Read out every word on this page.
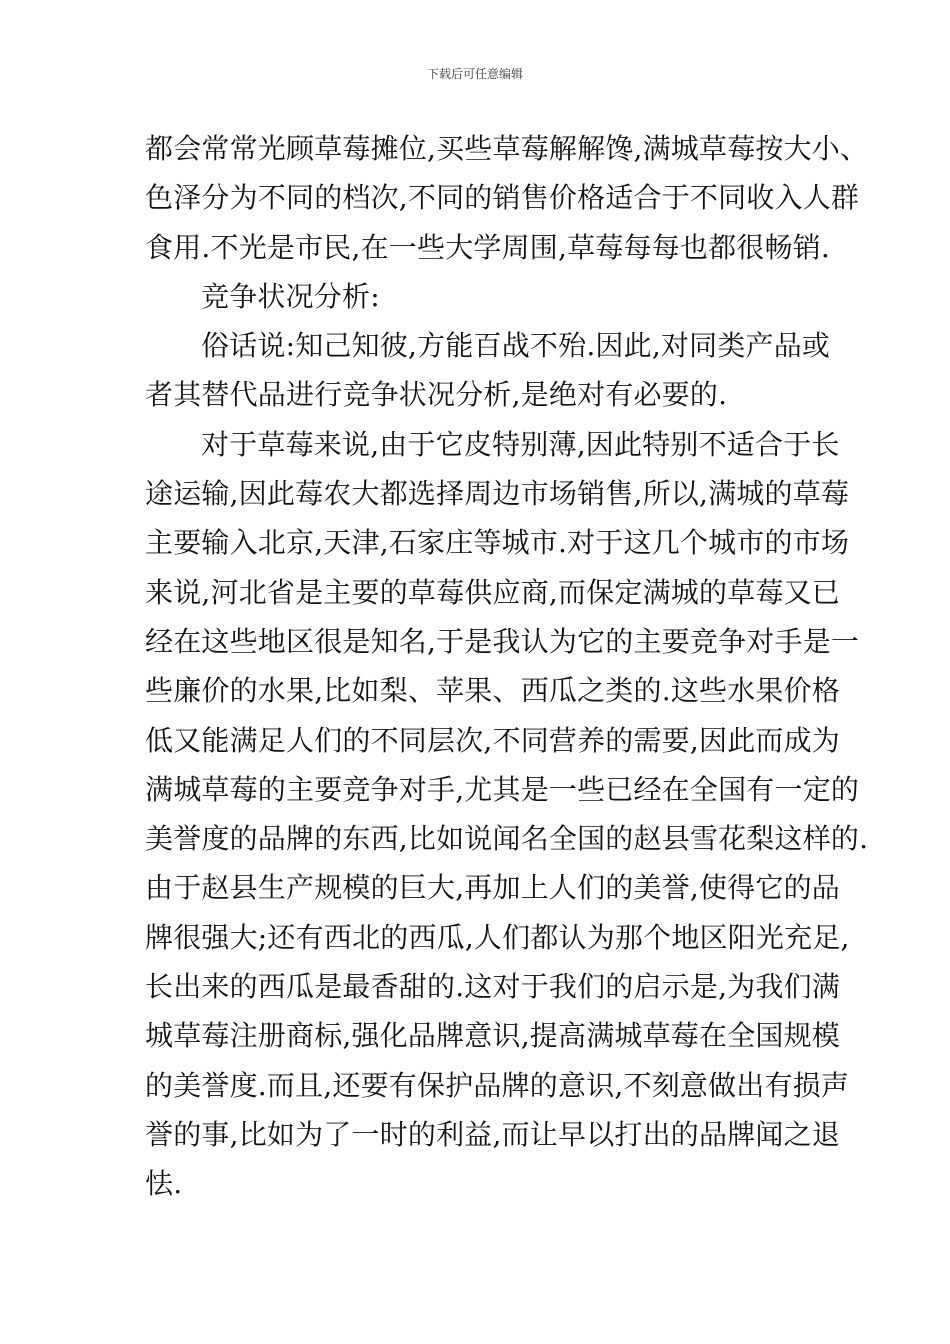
下载后可任意编辑
都会常常光顾草莓摊位,买些草莓解解馋,满城草莓按大小、
色泽分为不同的档次,不同的销售价格适合于不同收入人群
食用.不光是市民,在一些大学周围,草莓每每也都很畅销.
竞争状况分析:
俗话说:知己知彼,方能百战不殆.因此,对同类产品或
者其替代品进行竞争状况分析,是绝对有必要的.
对于草莓来说,由于它皮特别薄,因此特别不适合于长
途运输,因此莓农大都选择周边市场销售,所以,满城的草莓
主要输入北京,天津,石家庄等城市.对于这几个城市的市场
来说,河北省是主要的草莓供应商,而保定满城的草莓又已
经在这些地区很是知名,于是我认为它的主要竞争对手是一
些廉价的水果,比如梨、苹果、西瓜之类的.这些水果价格
低又能满足人们的不同层次,不同营养的需要,因此而成为
满城草莓的主要竞争对手,尤其是一些已经在全国有一定的
美誉度的品牌的东西,比如说闻名全国的赵县雪花梨这样的.
由于赵县生产规模的巨大,再加上人们的美誉,使得它的品
牌很强大;还有西北的西瓜,人们都认为那个地区阳光充足,
长出来的西瓜是最香甜的.这对于我们的启示是,为我们满
城草莓注册商标,强化品牌意识,提高满城草莓在全国规模
的美誉度.而且,还要有保护品牌的意识,不刻意做出有损声
誉的事,比如为了一时的利益,而让早以打出的品牌闻之退
怯.
